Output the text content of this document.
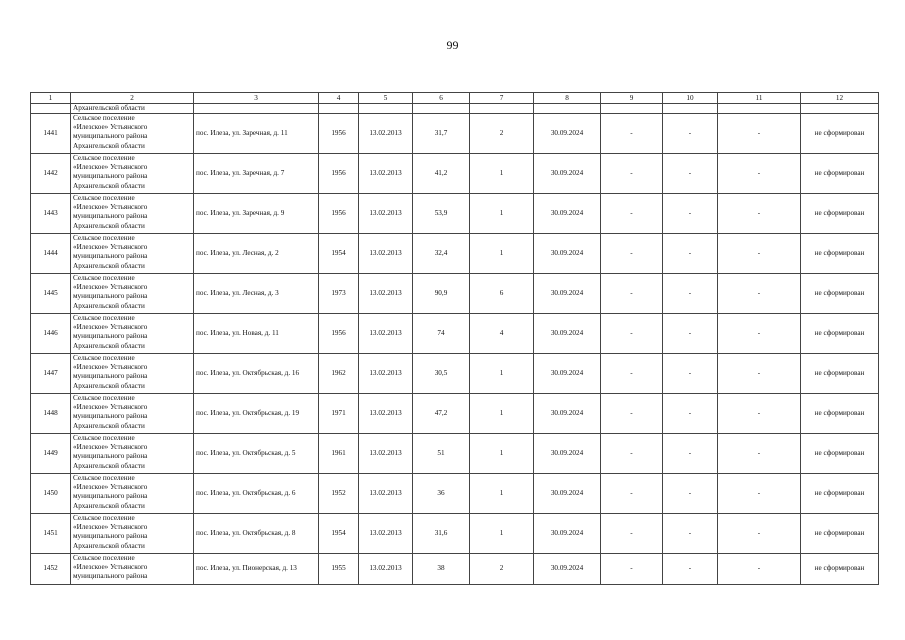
99
1	2	3	4	5	6	7	8	9	10	11	12
	Архангельской области										
1441	Сельское поселение
«Илезское» Устьянского
муниципального района
Архангельской области	пос. Илеза, ул. Заречная, д. 11	1956	13.02.2013	31,7	2	30.09.2024	-	-	-	не сформирован
1442	Сельское поселение
«Илезское» Устьянского
муниципального района
Архангельской области	пос. Илеза, ул. Заречная, д. 7	1956	13.02.2013	41,2	1	30.09.2024	-	-	-	не сформирован
1443	Сельское поселение
«Илезское» Устьянского
муниципального района
Архангельской области	пос. Илеза, ул. Заречная, д. 9	1956	13.02.2013	53,9	1	30.09.2024	-	-	-	не сформирован
1444	Сельское поселение
«Илезское» Устьянского
муниципального района
Архангельской области	пос. Илеза, ул. Лесная, д. 2	1954	13.02.2013	32,4	1	30.09.2024	-	-	-	не сформирован
1445	Сельское поселение
«Илезское» Устьянского
муниципального района
Архангельской области	пос. Илеза, ул. Лесная, д. 3	1973	13.02.2013	90,9	6	30.09.2024	-	-	-	не сформирован
1446	Сельское поселение
«Илезское» Устьянского
муниципального района
Архангельской области	пос. Илеза, ул. Новая, д. 11	1956	13.02.2013	74	4	30.09.2024	-	-	-	не сформирован
1447	Сельское поселение
«Илезское» Устьянского
муниципального района
Архангельской области	пос. Илеза, ул. Октябрьская, д. 16	1962	13.02.2013	30,5	1	30.09.2024	-	-	-	не сформирован
1448	Сельское поселение
«Илезское» Устьянского
муниципального района
Архангельской области	пос. Илеза, ул. Октябрьская, д. 19	1971	13.02.2013	47,2	1	30.09.2024	-	-	-	не сформирован
1449	Сельское поселение
«Илезское» Устьянского
муниципального района
Архангельской области	пос. Илеза, ул. Октябрьская, д. 5	1961	13.02.2013	51	1	30.09.2024	-	-	-	не сформирован
1450	Сельское поселение
«Илезское» Устьянского
муниципального района
Архангельской области	пос. Илеза, ул. Октябрьская, д. 6	1952	13.02.2013	36	1	30.09.2024	-	-	-	не сформирован
1451	Сельское поселение
«Илезское» Устьянского
муниципального района
Архангельской области	пос. Илеза, ул. Октябрьская, д. 8	1954	13.02.2013	31,6	1	30.09.2024	-	-	-	не сформирован
1452	Сельское поселение
«Илезское» Устьянского
муниципального района	пос. Илеза, ул. Пионерская, д. 13	1955	13.02.2013	38	2	30.09.2024	-	-	-	не сформирован
